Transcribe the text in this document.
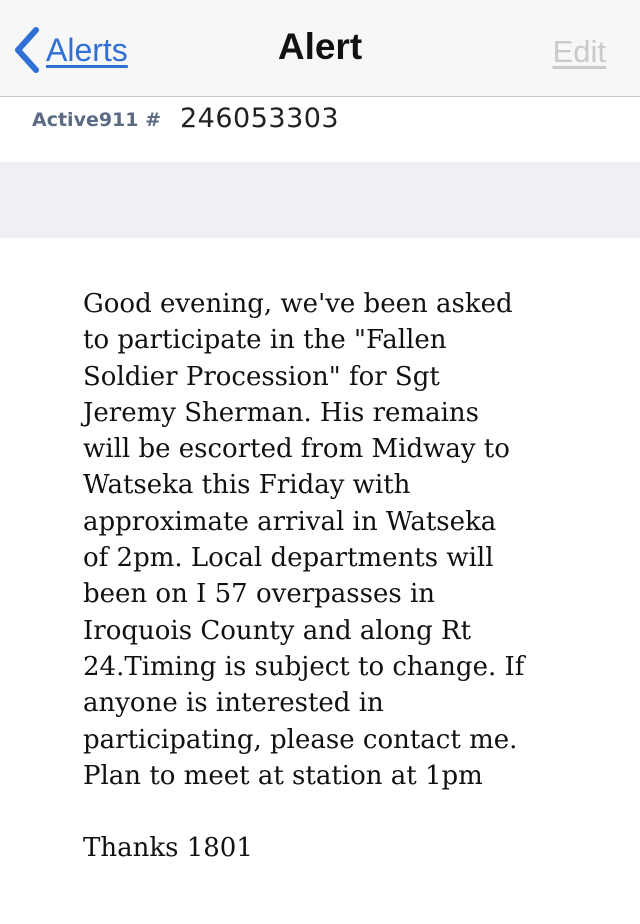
Alerts	Alert	Edit
Active911 # 246053303

Good evening, we've been asked
to participate in the "Fallen
Soldier Procession" for Sgt
Jeremy Sherman. His remains
will be escorted from Midway to
Watseka this Friday with
approximate arrival in Watseka
of 2pm. Local departments will
been on I 57 overpasses in
Iroquois County and along Rt
24.Timing is subject to change. If
anyone is interested in
participating, please contact me.
Plan to meet at station at 1pm

Thanks 1801
